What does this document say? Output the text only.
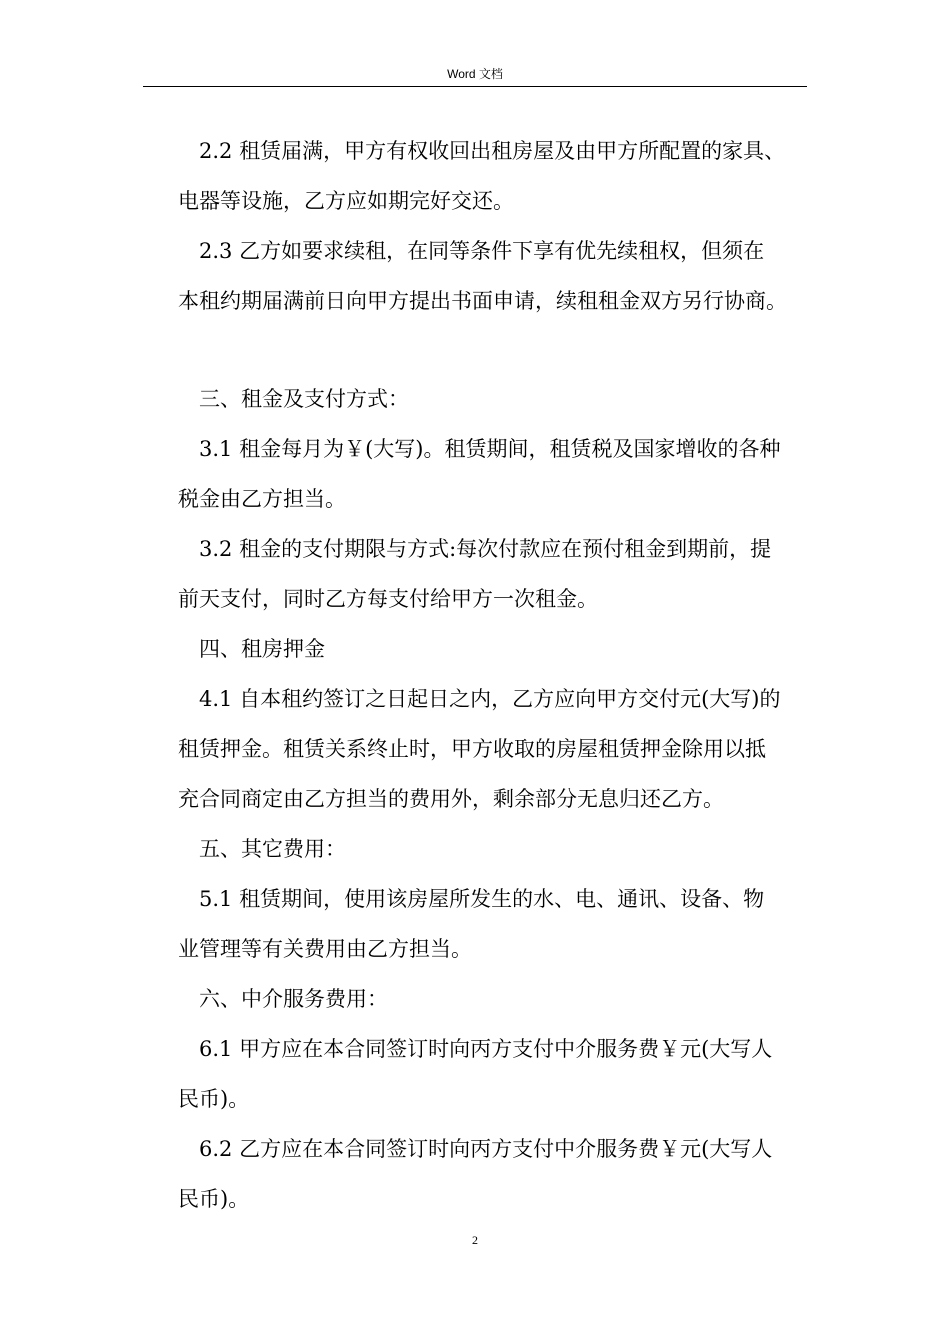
Word 文档

2.2 租赁届满，甲方有权收回出租房屋及由甲方所配置的家具、
电器等设施，乙方应如期完好交还。

2.3 乙方如要求续租，在同等条件下享有优先续租权，但须在
本租约期届满前日向甲方提出书面申请，续租租金双方另行协商。

三、租金及支付方式：

3.1 租金每月为￥(大写)。租赁期间，租赁税及国家增收的各种
税金由乙方担当。

3.2 租金的支付期限与方式:每次付款应在预付租金到期前，提
前天支付，同时乙方每支付给甲方一次租金。

四、租房押金

4.1 自本租约签订之日起日之内，乙方应向甲方交付元(大写)的
租赁押金。租赁关系终止时，甲方收取的房屋租赁押金除用以抵
充合同商定由乙方担当的费用外，剩余部分无息归还乙方。

五、其它费用：

5.1 租赁期间，使用该房屋所发生的水、电、通讯、设备、物
业管理等有关费用由乙方担当。

六、中介服务费用：

6.1 甲方应在本合同签订时向丙方支付中介服务费￥元(大写人
民币)。

6.2 乙方应在本合同签订时向丙方支付中介服务费￥元(大写人
民币)。

2
